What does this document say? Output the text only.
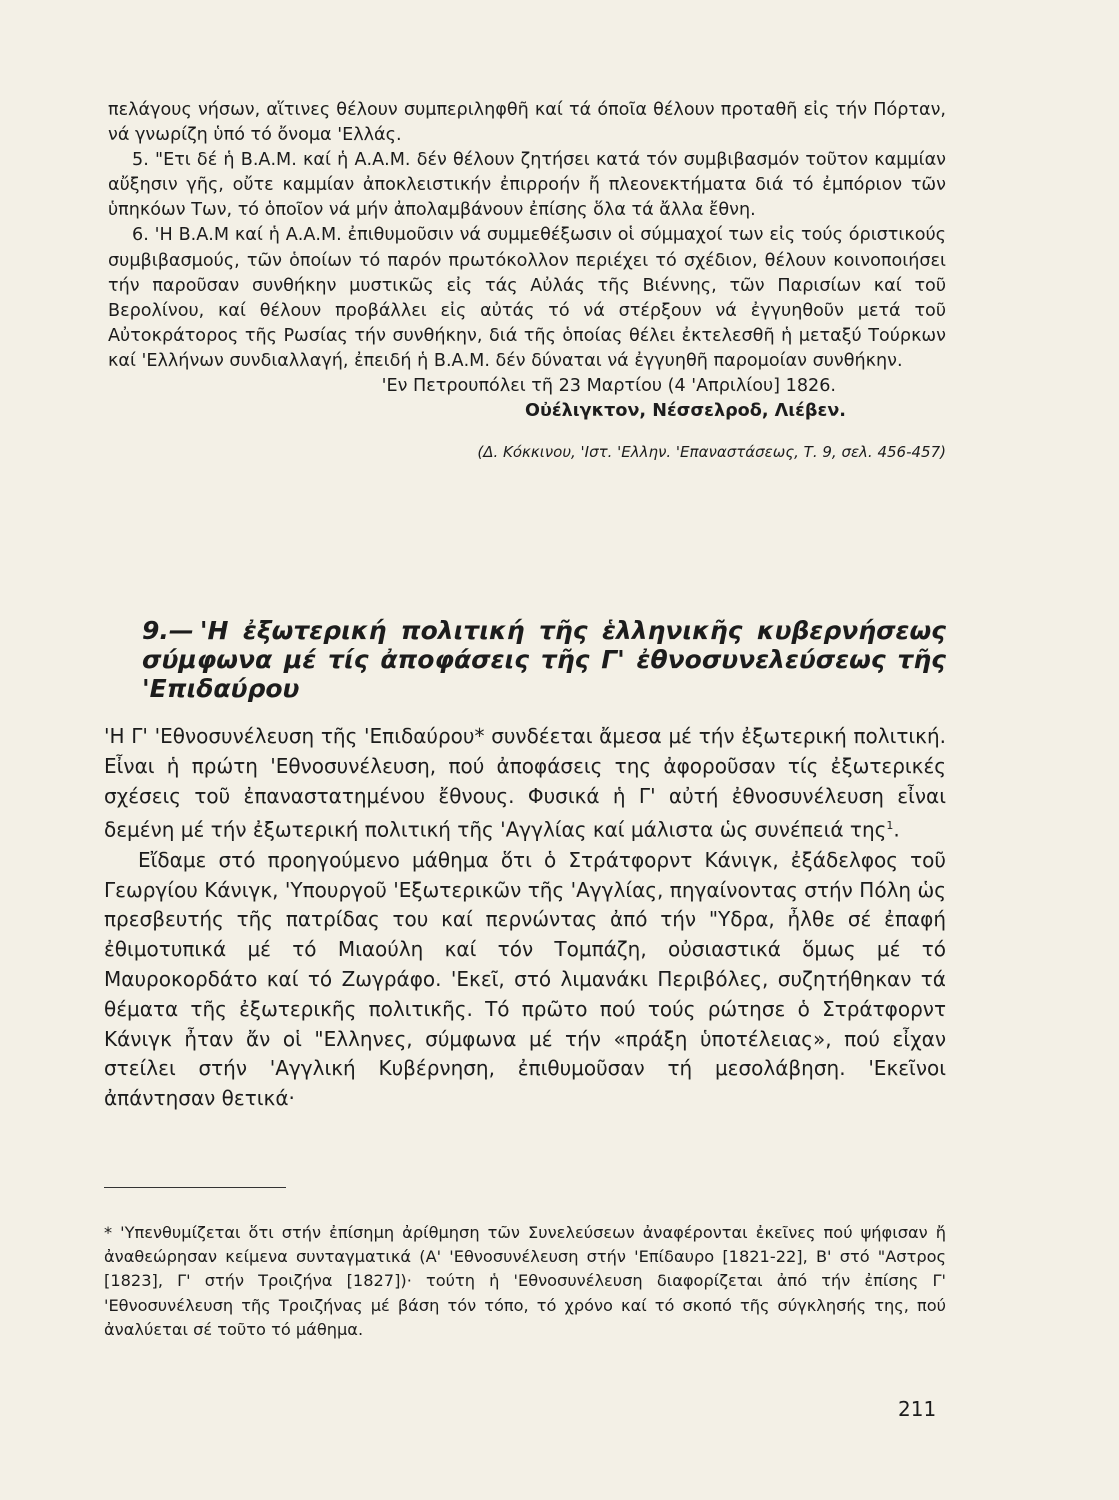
πελάγους νήσων, αἵτινες θέλουν συμπεριληφθῆ καί τά όποῖα θέλουν προταθῆ εἰς τήν Πόρταν, νά γνωρίζη ὑπό τό ὄνομα 'Ελλάς.

5. "Ετι δέ ἡ Β.Α.Μ. καί ἡ Α.Α.Μ. δέν θέλουν ζητήσει κατά τόν συμβιβασμόν τοῦτον καμμίαν αὔξησιν γῆς, οὔτε καμμίαν ἀποκλειστικήν ἐπιρροήν ἤ πλεονεκτήματα διά τό ἐμπόριον τῶν ὑπηκόων Των, τό ὁποῖον νά μήν ἀπολαμβάνουν ἐπίσης ὅλα τά ἄλλα ἔθνη.

6. 'Η Β.Α.Μ καί ἡ Α.Α.Μ. ἐπιθυμοῦσιν νά συμμεθέξωσιν οἱ σύμμαχοί των εἰς τούς όριστικούς συμβιβασμούς, τῶν ὁποίων τό παρόν πρωτόκολλον περιέχει τό σχέδιον, θέλουν κοινοποιήσει τήν παροῦσαν συνθήκην μυστικῶς εἰς τάς Αὐλάς τῆς Βιέννης, τῶν Παρισίων καί τοῦ Βερολίνου, καί θέλουν προβάλλει εἰς αὐτάς τό νά στέρξουν νά ἐγγυηθοῦν μετά τοῦ Αὐτοκράτορος τῆς Ρωσίας τήν συνθήκην, διά τῆς ὁποίας θέλει ἐκτελεσθῆ ἡ μεταξύ Τούρκων καί 'Ελλήνων συνδιαλλαγή, ἐπειδή ἡ Β.Α.Μ. δέν δύναται νά ἐγγυηθῆ παρομοίαν συνθήκην.

'Εν Πετρουπόλει τῆ 23 Μαρτίου (4 'Απριλίου] 1826.

Οὐέλιγκτον, Νέσσελροδ, Λιέβεν.

(Δ. Κόκκινου, 'Ιστ. 'Ελλην. 'Επαναστάσεως, Τ. 9, σελ. 456-457)

9.— 'Η ἐξωτερική πολιτική τῆς ἑλληνικῆς κυβερνήσεως σύμφωνα μέ τίς ἀποφάσεις τῆς Γ' ἐθνοσυνελεύσεως τῆς 'Επιδαύρου

'Η Γ' 'Εθνοσυνέλευση τῆς 'Επιδαύρου* συνδέεται ἄμεσα μέ τήν ἐξωτερική πολιτική. Εἶναι ἡ πρώτη 'Εθνοσυνέλευση, πού ἀποφάσεις της ἀφοροῦσαν τίς ἐξωτερικές σχέσεις τοῦ ἐπαναστατημένου ἔθνους. Φυσικά ἡ Γ' αὐτή ἐθνοσυνέλευση εἶναι δεμένη μέ τήν ἐξωτερική πολιτική τῆς 'Αγγλίας καί μάλιστα ὡς συνέπειά της$^1$.

Εἴδαμε στό προηγούμενο μάθημα ὅτι ὁ Στράτφορντ Κάνιγκ, ἐξάδελφος τοῦ Γεωργίου Κάνιγκ, 'Υπουργοῦ 'Εξωτερικῶν τῆς 'Αγγλίας, πηγαίνοντας στήν Πόλη ὡς πρεσβευτής τῆς πατρίδας του καί περνώντας ἀπό τήν "Υδρα, ἦλθε σέ ἐπαφή ἐθιμοτυπικά μέ τό Μιαούλη καί τόν Τομπάζη, οὐσιαστικά ὅμως μέ τό Μαυροκορδάτο καί τό Ζωγράφο. 'Εκεῖ, στό λιμανάκι Περιβόλες, συζητήθηκαν τά θέματα τῆς ἐξωτερικῆς πολιτικῆς. Τό πρῶτο πού τούς ρώτησε ὁ Στράτφορντ Κάνιγκ ἦταν ἄν οἱ "Ελληνες, σύμφωνα μέ τήν «πράξη ὑποτέλειας», πού εἶχαν στείλει στήν 'Αγγλική Κυβέρνηση, ἐπιθυμοῦσαν τή μεσολάβηση. 'Εκεῖνοι ἀπάντησαν θετικά·

* 'Υπενθυμίζεται ὅτι στήν ἐπίσημη ἀρίθμηση τῶν Συνελεύσεων ἀναφέρονται ἐκεῖνες πού ψήφισαν ἤ ἀναθεώρησαν κείμενα συνταγματικά (Α' 'Εθνοσυνέλευση στήν 'Επίδαυρο [1821-22], Β' στό "Αστρος [1823], Γ' στήν Τροιζήνα [1827])· τούτη ἡ 'Εθνοσυνέλευση διαφορίζεται ἀπό τήν ἐπίσης Γ' 'Εθνοσυνέλευση τῆς Τροιζήνας μέ βάση τόν τόπο, τό χρόνο καί τό σκοπό τῆς σύγκλησής της, πού ἀναλύεται σέ τοῦτο τό μάθημα.

211
